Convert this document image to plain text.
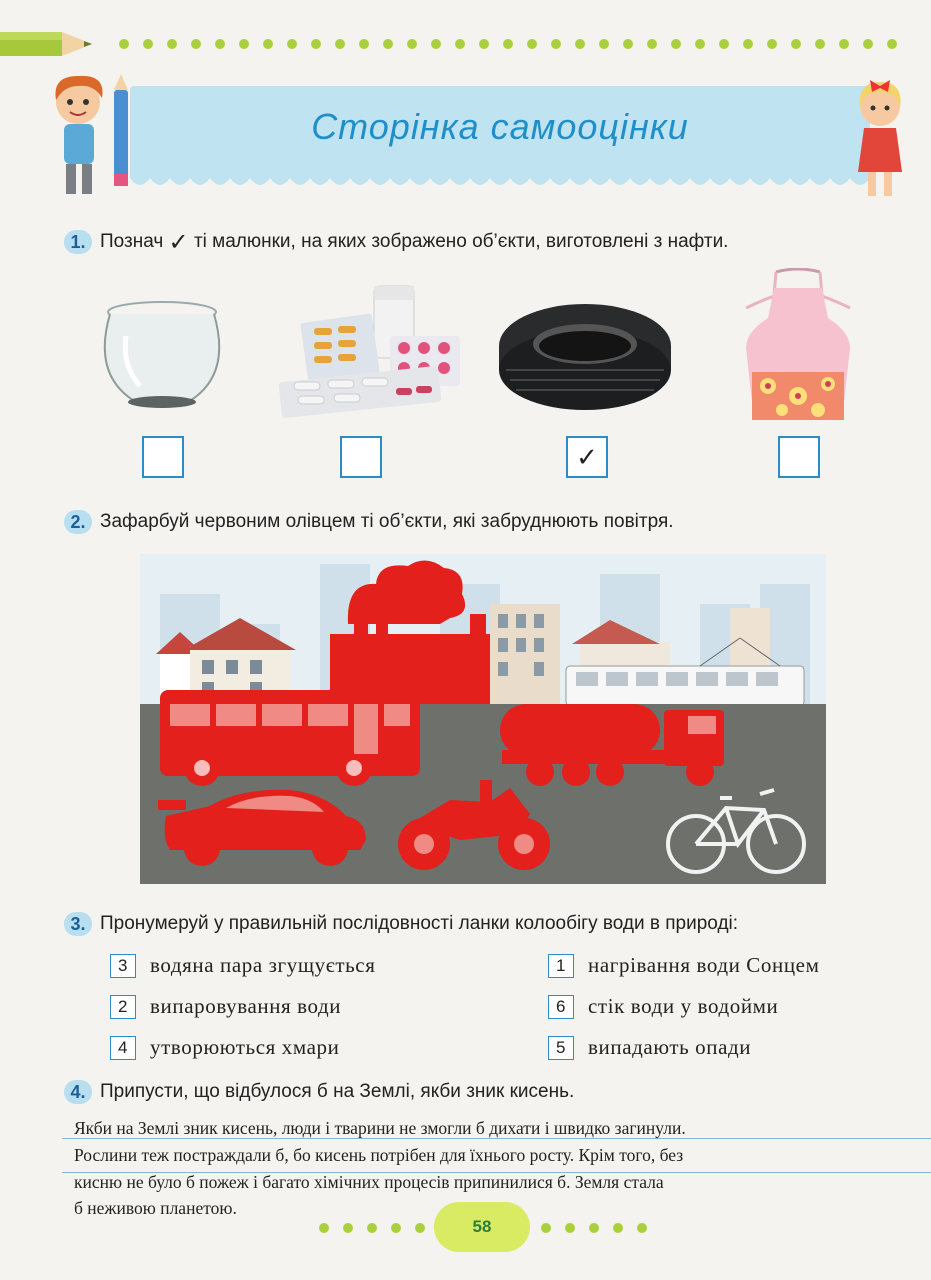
Сторінка самооцінки
1. Познач
✓
ті малюнки, на яких зображено об’єкти, виготовлені з нафти.
✓
2. Зафарбуй червоним олівцем ті об’єкти, які забруднюють повітря.
3. Пронумеруй у правильній послідовності ланки колообігу води в природі:
3	водяна пара згущується
2	випаровування води
4	утворюються хмари
1	нагрівання води Сонцем
6	стік води у водойми
5	випадають опади
4. Припусти, що відбулося б на Землі, якби зник кисень.
Якби на Землі зник кисень, люди і тварини не змогли б дихати і швидко загинули.
Рослини теж постраждали б, бо кисень потрібен для їхнього росту. Крім того, без
кисню не було б пожеж і багато хімічних процесів припинилися б. Земля стала
б неживою планетою.
58
